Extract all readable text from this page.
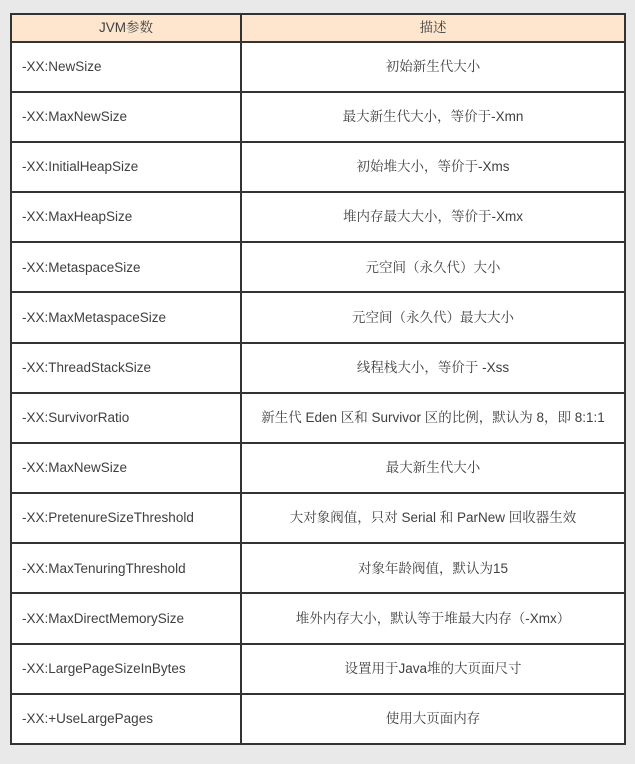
JVM参数	描述
-XX:NewSize	初始新生代大小
-XX:MaxNewSize	最大新生代大小，等价于-Xmn
-XX:InitialHeapSize	初始堆大小，等价于-Xms
-XX:MaxHeapSize	堆内存最大大小，等价于-Xmx
-XX:MetaspaceSize	元空间（永久代）大小
-XX:MaxMetaspaceSize	元空间（永久代）最大大小
-XX:ThreadStackSize	线程栈大小，等价于 -Xss
-XX:SurvivorRatio	新生代 Eden 区和 Survivor 区的比例，默认为 8，即 8:1:1
-XX:MaxNewSize	最大新生代大小
-XX:PretenureSizeThreshold	大对象阀值，只对 Serial 和 ParNew 回收器生效
-XX:MaxTenuringThreshold	对象年龄阀值，默认为15
-XX:MaxDirectMemorySize	堆外内存大小，默认等于堆最大内存（-Xmx）
-XX:LargePageSizeInBytes	设置用于Java堆的大页面尺寸
-XX:+UseLargePages	使用大页面内存
